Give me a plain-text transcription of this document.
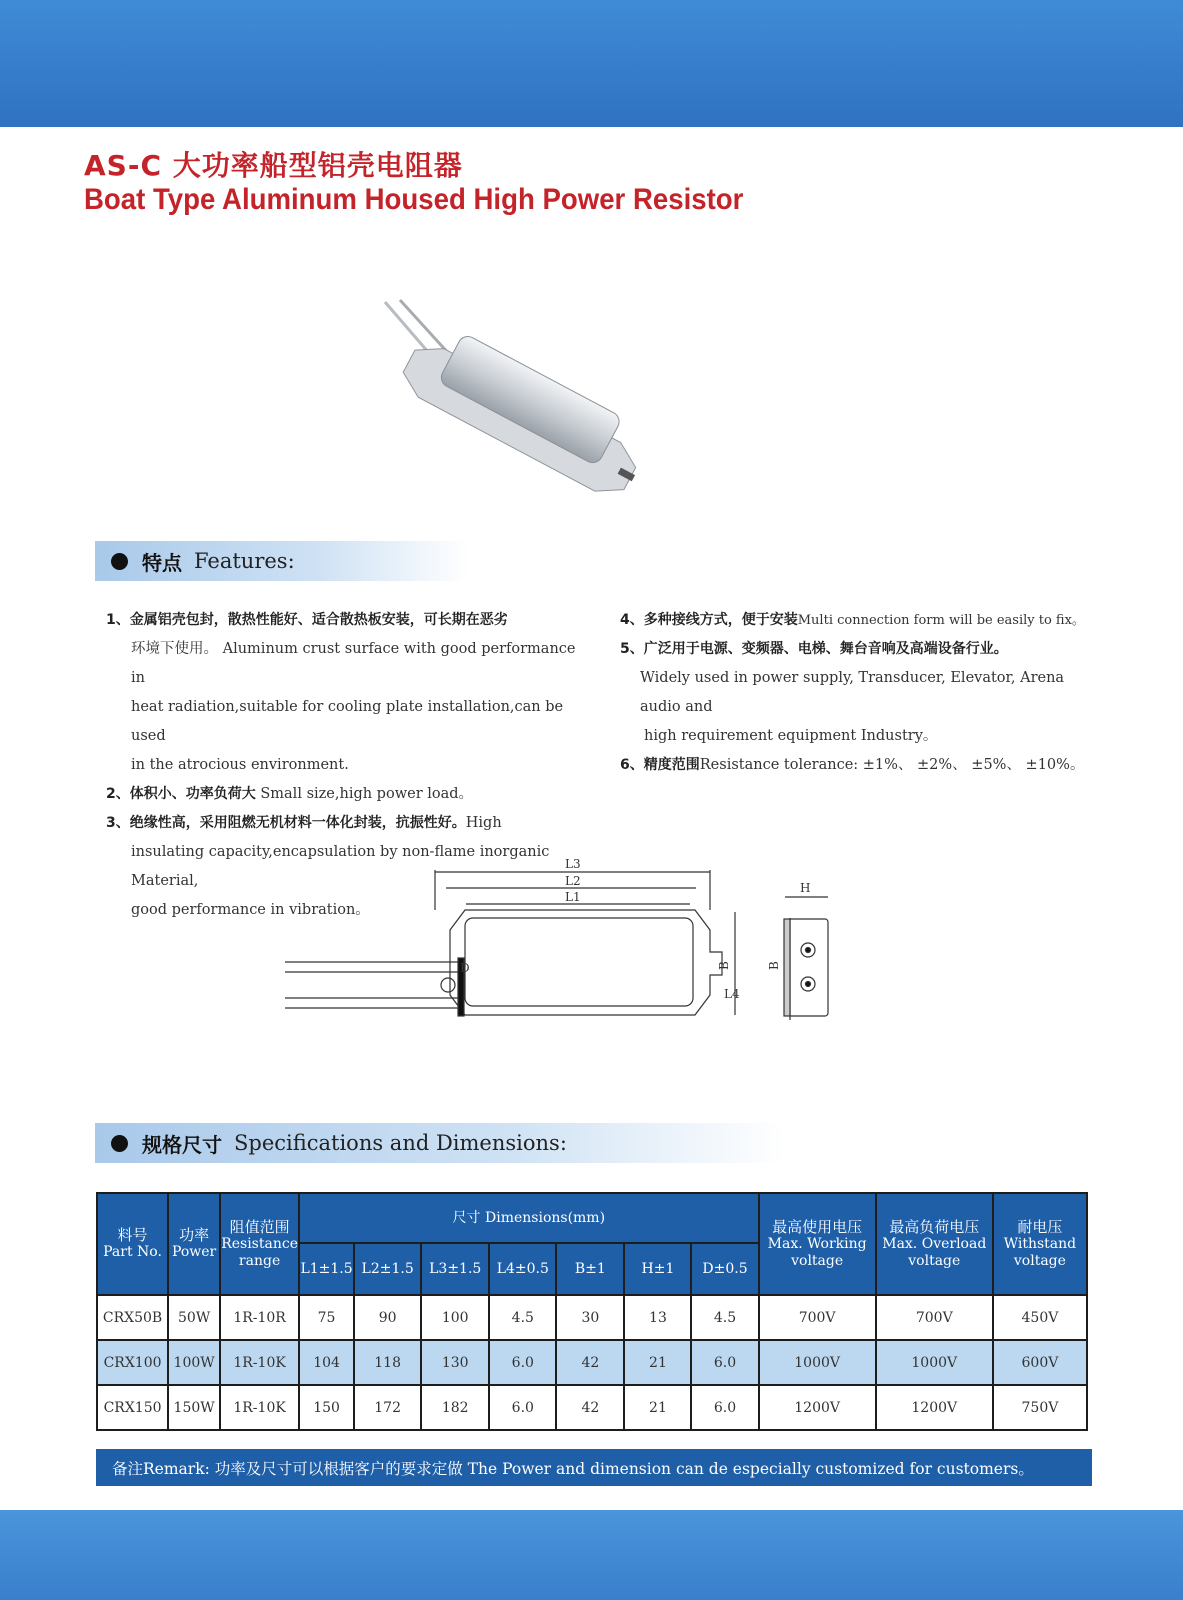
AS-C 大功率船型铝壳电阻器
Boat Type Aluminum Housed High Power Resistor
特点 Features:

1、金属铝壳包封，散热性能好、适合散热板安装，可长期在恶劣

环境下使用。 Aluminum crust surface with good performance in

heat radiation,suitable for cooling plate installation,can be used

in the atrocious environment.

2、体积小、功率负荷大 Small size,high power load。

3、绝缘性高，采用阻燃无机材料一体化封装，抗振性好。High

insulating capacity,encapsulation by non-flame inorganic Material,

good performance in vibration。

4、多种接线方式，便于安装Multi connection form will be easily to fix。

5、广泛用于电源、变频器、电梯、舞台音响及高端设备行业。

Widely used in power supply, Transducer, Elevator, Arena audio and

high requirement equipment Industry。

6、精度范围Resistance tolerance: ±1%、 ±2%、 ±5%、 ±10%。

L3
L2
L1
D
L4
B	B
H
规格尺寸 Specifications and Dimensions:
料号
Part No.	功率
Power	阻值范围
Resistance
range	尺寸 Dimensions(mm)							最高使用电压
Max. Working
voltage	最高负荷电压
Max. Overload
voltage	耐电压
Withstand
voltage

			L1±1.5	L2±1.5	L3±1.5	L4±0.5	B±1	H±1	D±0.5			
CRX50B	50W	1R-10R	75	90	100	4.5	30	13	4.5	700V	700V	450V
CRX100	100W	1R-10K	104	118	130	6.0	42	21	6.0	1000V	1000V	600V
CRX150	150W	1R-10K	150	172	182	6.0	42	21	6.0	1200V	1200V	750V
备注Remark: 功率及尺寸可以根据客户的要求定做 The Power and dimension can de especially customized for customers。
